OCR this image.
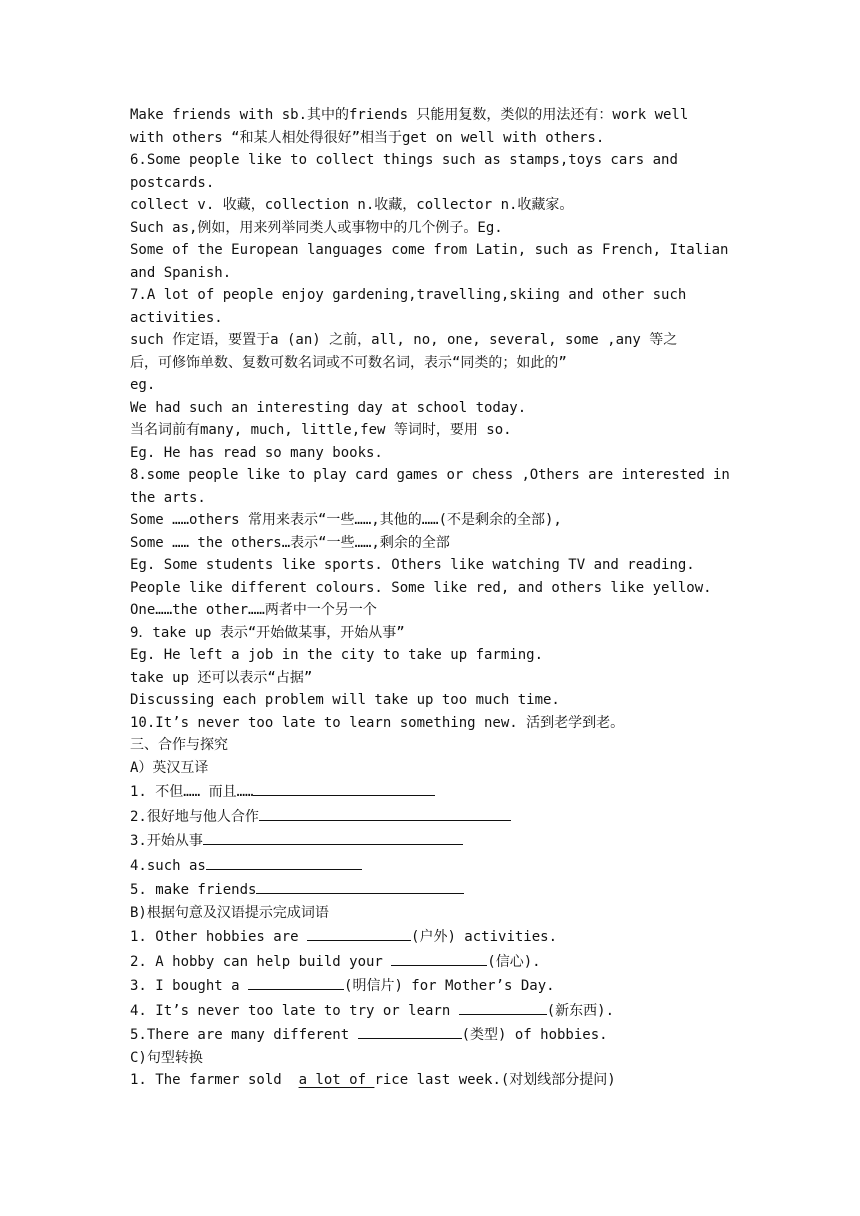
Make friends with sb.其中的friends 只能用复数，类似的用法还有：work well
with others “和某人相处得很好”相当于get on well with others.
6.Some people like to collect things such as stamps,toys cars and
postcards.
collect v. 收藏，collection n.收藏，collector n.收藏家。
Such as,例如，用来列举同类人或事物中的几个例子。Eg.
Some of the European languages come from Latin, such as French, Italian
and Spanish.
7.A lot of people enjoy gardening,travelling,skiing and other such
activities.
such 作定语，要置于a (an) 之前，all, no, one, several, some ,any 等之
后，可修饰单数、复数可数名词或不可数名词，表示“同类的；如此的”
eg.
We had such an interesting day at school today.
当名词前有many, much, little,few 等词时，要用 so.
Eg. He has read so many books.
8.some people like to play card games or chess ,Others are interested in
the arts.
Some ……others 常用来表示“一些……,其他的……(不是剩余的全部),
Some …… the others…表示“一些……,剩余的全部
Eg. Some students like sports. Others like watching TV and reading.
People like different colours. Some like red, and others like yellow.
One……the other……两者中一个另一个
9．take up 表示“开始做某事，开始从事”
Eg. He left a job in the city to take up farming.
take up 还可以表示“占据”
Discussing each problem will take up too much time.
10.It’s never too late to learn something new. 活到老学到老。
三、合作与探究
A）英汉互译
1. 不但…… 而且……
2.很好地与他人合作
3.开始从事
4.such as
5. make friends
B)根据句意及汉语提示完成词语
1. Other hobbies are	(户外) activities.
2. A hobby can help build your	(信心).
3. I bought a	(明信片) for Mother’s Day.
4. It’s never too late to try or learn	(新东西).
5.There are many different	(类型) of hobbies.
C)句型转换
1. The farmer sold  a lot of rice last week.(对划线部分提问)
